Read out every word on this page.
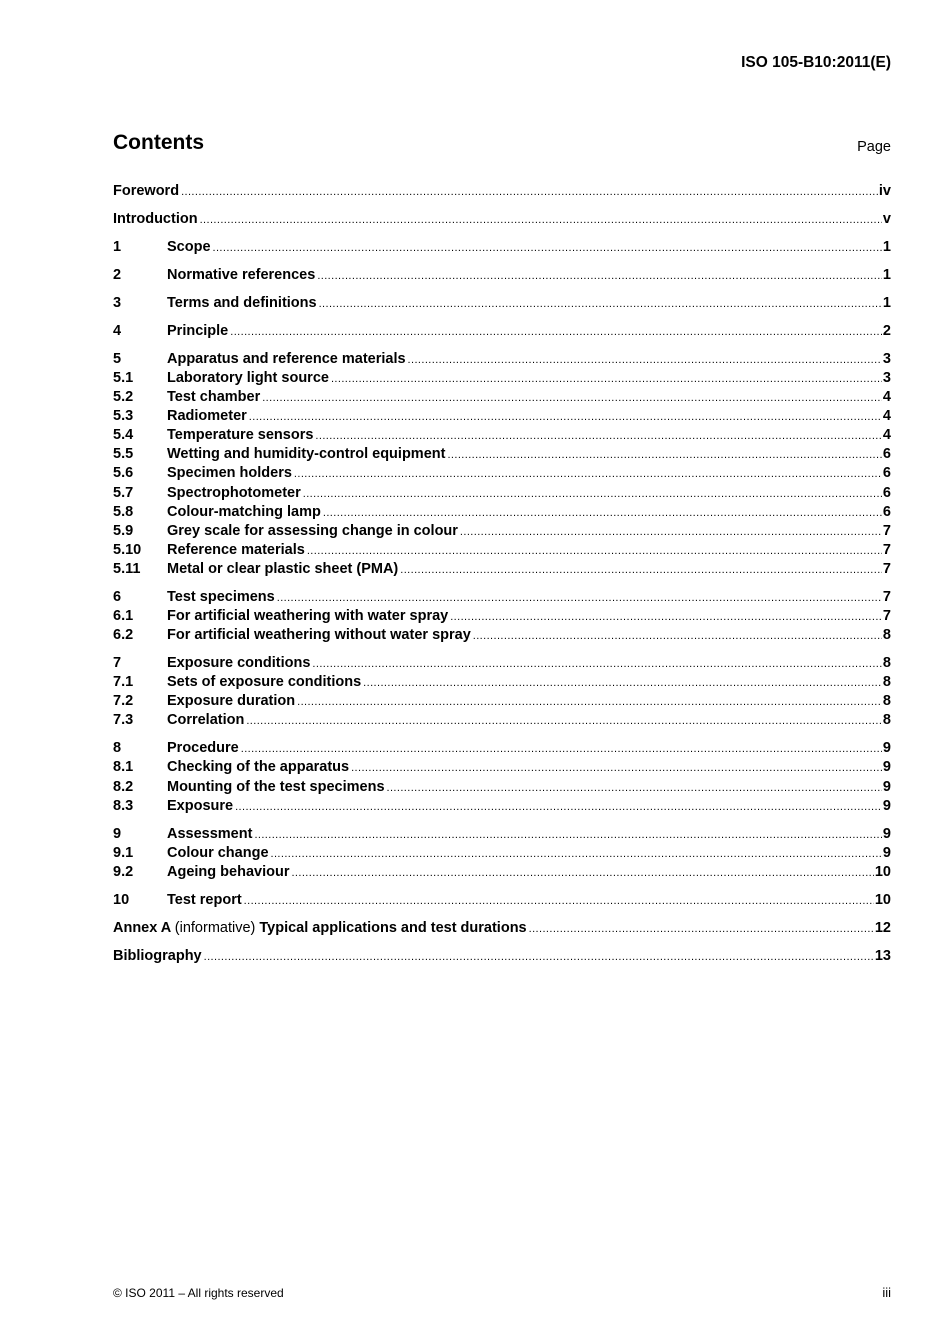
ISO 105-B10:2011(E)
Contents	Page
Foreword .....	iv
Introduction .....	v
1	Scope .....	1
2	Normative references .....	1
3	Terms and definitions .....	1
4	Principle .....	2
5	Apparatus and reference materials .....	3
5.1	Laboratory light source .....	3
5.2	Test chamber .....	4
5.3	Radiometer .....	4
5.4	Temperature sensors .....	4
5.5	Wetting and humidity-control equipment .....	6
5.6	Specimen holders .....	6
5.7	Spectrophotometer .....	6
5.8	Colour-matching lamp .....	6
5.9	Grey scale for assessing change in colour .....	7
5.10	Reference materials .....	7
5.11	Metal or clear plastic sheet (PMA) .....	7
6	Test specimens .....	7
6.1	For artificial weathering with water spray .....	7
6.2	For artificial weathering without water spray .....	8
7	Exposure conditions .....	8
7.1	Sets of exposure conditions .....	8
7.2	Exposure duration .....	8
7.3	Correlation .....	8
8	Procedure .....	9
8.1	Checking of the apparatus .....	9
8.2	Mounting of the test specimens .....	9
8.3	Exposure .....	9
9	Assessment .....	9
9.1	Colour change .....	9
9.2	Ageing behaviour .....	10
10	Test report .....	10
Annex A (informative) Typical applications and test durations .....	12
Bibliography .....	13
© ISO 2011 – All rights reserved	iii
